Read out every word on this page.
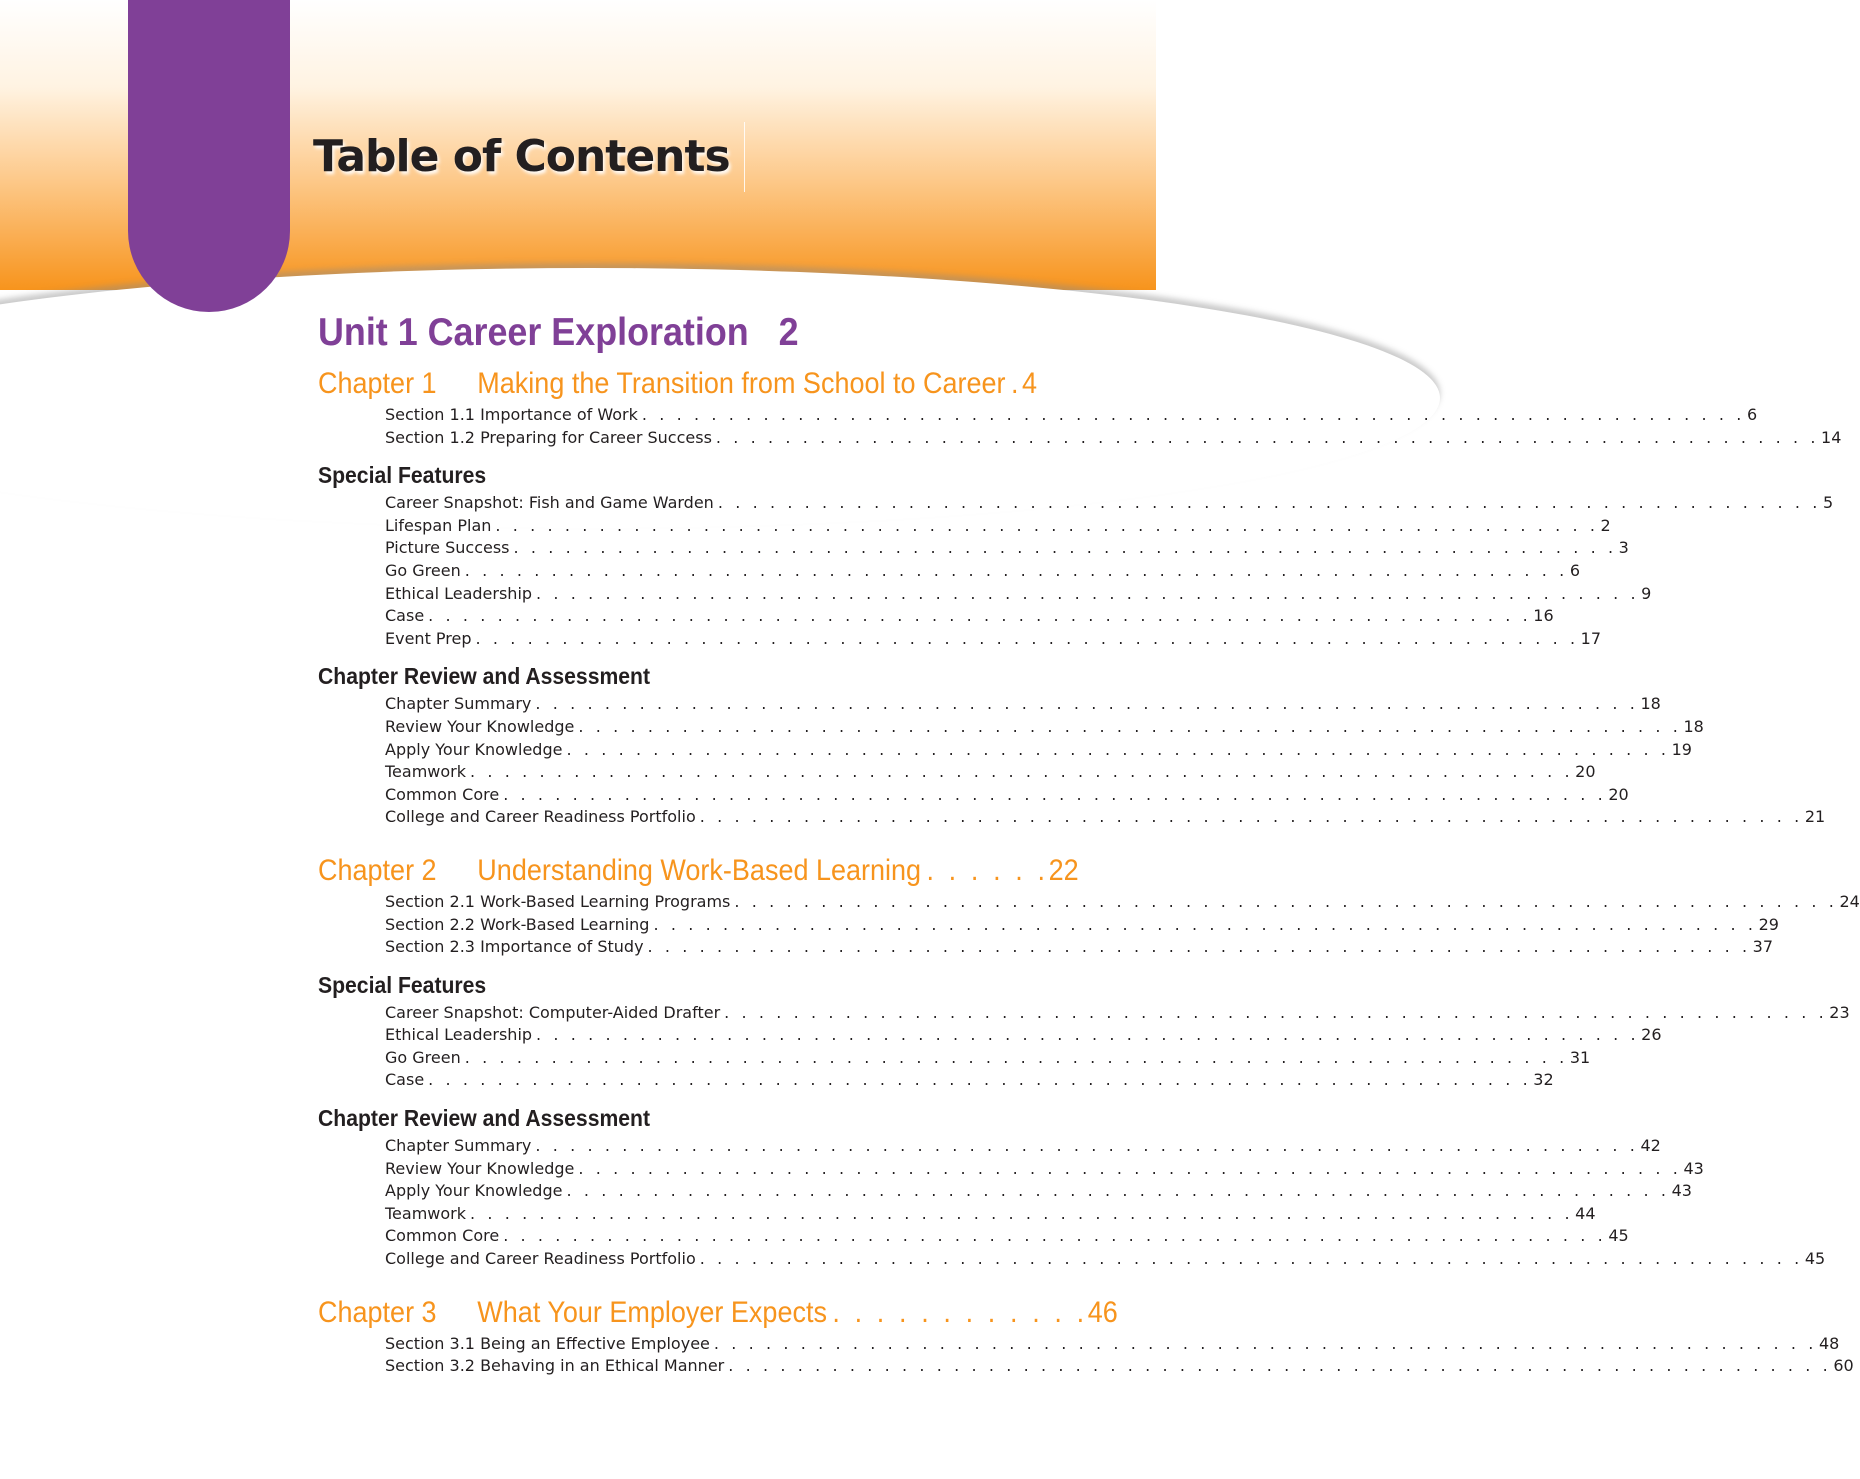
Table of Contents
Unit 1 Career Exploration 2
Chapter 1	Making the Transition from School to Career . 4
Section 1.1 Importance of Work . . . . . . . . . . . . . . . . . . . . . . . . . . . . . . . . . . . . . . . . . . . . . . . . . . . . . . . . . . . . . . . . 6
Section 1.2 Preparing for Career Success . . . . . . . . . . . . . . . . . . . . . . . . . . . . . . . . . . . . . . . . . . . . . . . . . . . . . . . . . . . . . . . . 14
Special Features
Career Snapshot: Fish and Game Warden . . . . . . . . . . . . . . . . . . . . . . . . . . . . . . . . . . . . . . . . . . . . . . . . . . . . . . . . . . . . . . . . 5
Lifespan Plan . . . . . . . . . . . . . . . . . . . . . . . . . . . . . . . . . . . . . . . . . . . . . . . . . . . . . . . . . . . . . . . . 2
Picture Success . . . . . . . . . . . . . . . . . . . . . . . . . . . . . . . . . . . . . . . . . . . . . . . . . . . . . . . . . . . . . . . . 3
Go Green . . . . . . . . . . . . . . . . . . . . . . . . . . . . . . . . . . . . . . . . . . . . . . . . . . . . . . . . . . . . . . . . 6
Ethical Leadership . . . . . . . . . . . . . . . . . . . . . . . . . . . . . . . . . . . . . . . . . . . . . . . . . . . . . . . . . . . . . . . . 9
Case . . . . . . . . . . . . . . . . . . . . . . . . . . . . . . . . . . . . . . . . . . . . . . . . . . . . . . . . . . . . . . . . 16
Event Prep . . . . . . . . . . . . . . . . . . . . . . . . . . . . . . . . . . . . . . . . . . . . . . . . . . . . . . . . . . . . . . . . 17
Chapter Review and Assessment
Chapter Summary . . . . . . . . . . . . . . . . . . . . . . . . . . . . . . . . . . . . . . . . . . . . . . . . . . . . . . . . . . . . . . . . 18
Review Your Knowledge . . . . . . . . . . . . . . . . . . . . . . . . . . . . . . . . . . . . . . . . . . . . . . . . . . . . . . . . . . . . . . . . 18
Apply Your Knowledge . . . . . . . . . . . . . . . . . . . . . . . . . . . . . . . . . . . . . . . . . . . . . . . . . . . . . . . . . . . . . . . . 19
Teamwork . . . . . . . . . . . . . . . . . . . . . . . . . . . . . . . . . . . . . . . . . . . . . . . . . . . . . . . . . . . . . . . . 20
Common Core . . . . . . . . . . . . . . . . . . . . . . . . . . . . . . . . . . . . . . . . . . . . . . . . . . . . . . . . . . . . . . . . 20
College and Career Readiness Portfolio . . . . . . . . . . . . . . . . . . . . . . . . . . . . . . . . . . . . . . . . . . . . . . . . . . . . . . . . . . . . . . . . 21
Chapter 2	Understanding Work-Based Learning . . . . . . 22
Section 2.1 Work-Based Learning Programs . . . . . . . . . . . . . . . . . . . . . . . . . . . . . . . . . . . . . . . . . . . . . . . . . . . . . . . . . . . . . . . . 24
Section 2.2 Work-Based Learning . . . . . . . . . . . . . . . . . . . . . . . . . . . . . . . . . . . . . . . . . . . . . . . . . . . . . . . . . . . . . . . . 29
Section 2.3 Importance of Study . . . . . . . . . . . . . . . . . . . . . . . . . . . . . . . . . . . . . . . . . . . . . . . . . . . . . . . . . . . . . . . . 37
Special Features
Career Snapshot: Computer-Aided Drafter . . . . . . . . . . . . . . . . . . . . . . . . . . . . . . . . . . . . . . . . . . . . . . . . . . . . . . . . . . . . . . . . 23
Ethical Leadership . . . . . . . . . . . . . . . . . . . . . . . . . . . . . . . . . . . . . . . . . . . . . . . . . . . . . . . . . . . . . . . . 26
Go Green . . . . . . . . . . . . . . . . . . . . . . . . . . . . . . . . . . . . . . . . . . . . . . . . . . . . . . . . . . . . . . . . 31
Case . . . . . . . . . . . . . . . . . . . . . . . . . . . . . . . . . . . . . . . . . . . . . . . . . . . . . . . . . . . . . . . . 32
Chapter Review and Assessment
Chapter Summary . . . . . . . . . . . . . . . . . . . . . . . . . . . . . . . . . . . . . . . . . . . . . . . . . . . . . . . . . . . . . . . . 42
Review Your Knowledge . . . . . . . . . . . . . . . . . . . . . . . . . . . . . . . . . . . . . . . . . . . . . . . . . . . . . . . . . . . . . . . . 43
Apply Your Knowledge . . . . . . . . . . . . . . . . . . . . . . . . . . . . . . . . . . . . . . . . . . . . . . . . . . . . . . . . . . . . . . . . 43
Teamwork . . . . . . . . . . . . . . . . . . . . . . . . . . . . . . . . . . . . . . . . . . . . . . . . . . . . . . . . . . . . . . . . 44
Common Core . . . . . . . . . . . . . . . . . . . . . . . . . . . . . . . . . . . . . . . . . . . . . . . . . . . . . . . . . . . . . . . . 45
College and Career Readiness Portfolio . . . . . . . . . . . . . . . . . . . . . . . . . . . . . . . . . . . . . . . . . . . . . . . . . . . . . . . . . . . . . . . . 45
Chapter 3	What Your Employer Expects . . . . . . . . . . . . 46
Section 3.1 Being an Effective Employee . . . . . . . . . . . . . . . . . . . . . . . . . . . . . . . . . . . . . . . . . . . . . . . . . . . . . . . . . . . . . . . . 48
Section 3.2 Behaving in an Ethical Manner . . . . . . . . . . . . . . . . . . . . . . . . . . . . . . . . . . . . . . . . . . . . . . . . . . . . . . . . . . . . . . . . 60
